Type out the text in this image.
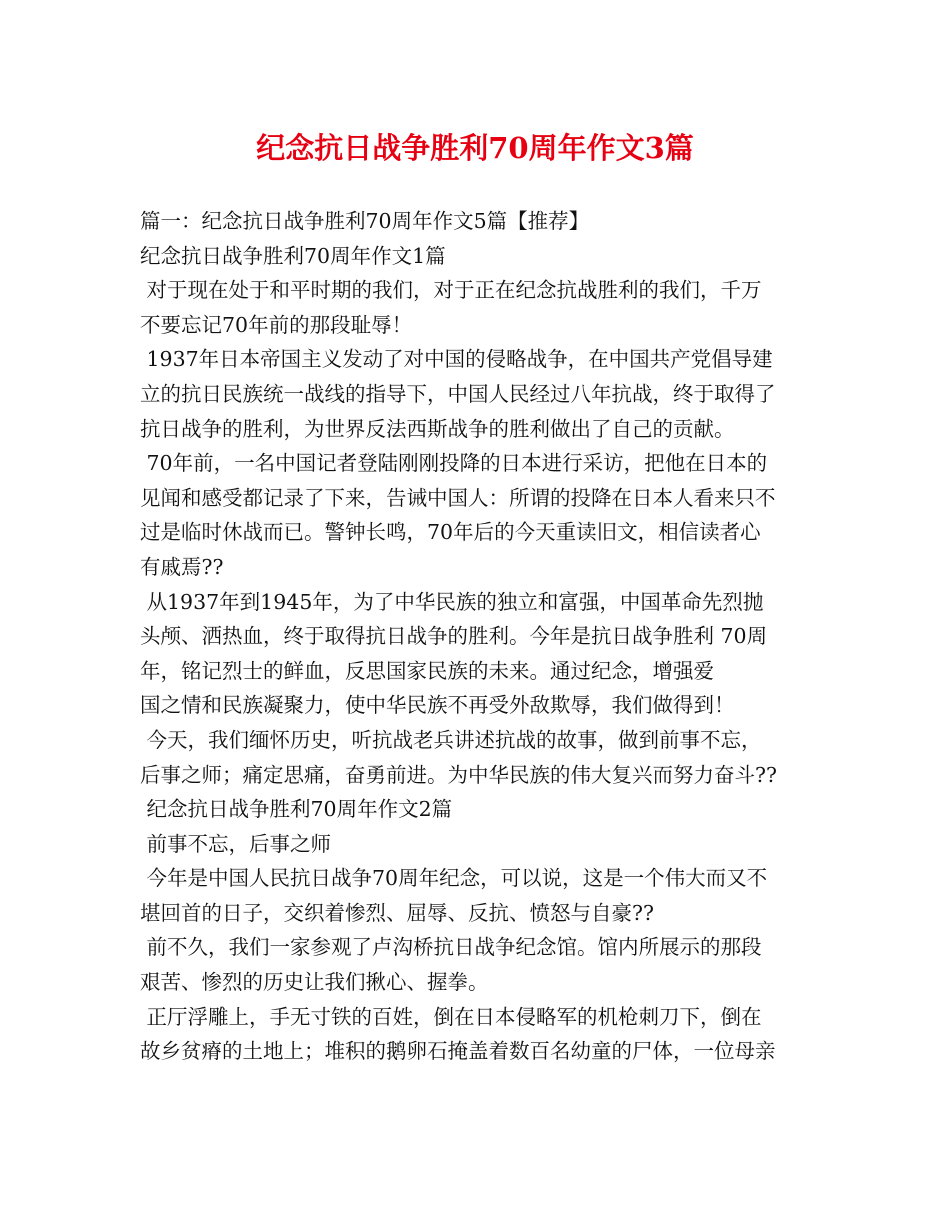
纪念抗日战争胜利70周年作文3篇
篇一：纪念抗日战争胜利70周年作文5篇【推荐】
纪念抗日战争胜利70周年作文1篇
对于现在处于和平时期的我们，对于正在纪念抗战胜利的我们，千万
不要忘记70年前的那段耻辱！
1937年日本帝国主义发动了对中国的侵略战争，在中国共产党倡导建
立的抗日民族统一战线的指导下，中国人民经过八年抗战，终于取得了
抗日战争的胜利，为世界反法西斯战争的胜利做出了自己的贡献。
70年前，一名中国记者登陆刚刚投降的日本进行采访，把他在日本的
见闻和感受都记录了下来，告诫中国人：所谓的投降在日本人看来只不
过是临时休战而已。警钟长鸣，70年后的今天重读旧文，相信读者心
有戚焉??
从1937年到1945年，为了中华民族的独立和富强，中国革命先烈抛
头颅、洒热血，终于取得抗日战争的胜利。今年是抗日战争胜利 70周
年，铭记烈士的鲜血，反思国家民族的未来。通过纪念，增强爱
国之情和民族凝聚力，使中华民族不再受外敌欺辱，我们做得到！
今天，我们缅怀历史，听抗战老兵讲述抗战的故事，做到前事不忘，
后事之师；痛定思痛，奋勇前进。为中华民族的伟大复兴而努力奋斗??
纪念抗日战争胜利70周年作文2篇
前事不忘，后事之师
今年是中国人民抗日战争70周年纪念，可以说，这是一个伟大而又不
堪回首的日子，交织着惨烈、屈辱、反抗、愤怒与自豪??
前不久，我们一家参观了卢沟桥抗日战争纪念馆。馆内所展示的那段
艰苦、惨烈的历史让我们揪心、握拳。
正厅浮雕上，手无寸铁的百姓，倒在日本侵略军的机枪刺刀下，倒在
故乡贫瘠的土地上；堆积的鹅卵石掩盖着数百名幼童的尸体，一位母亲
